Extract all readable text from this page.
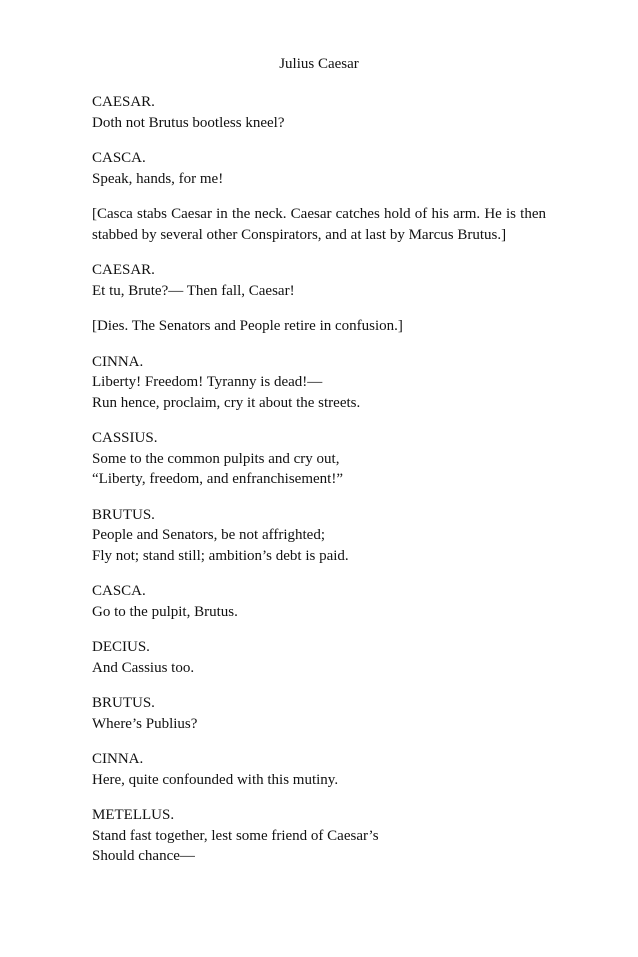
Julius Caesar
CAESAR.
Doth not Brutus bootless kneel?
CASCA.
Speak, hands, for me!
[Casca stabs Caesar in the neck. Caesar catches hold of his arm. He is then stabbed by several other Conspirators, and at last by Marcus Brutus.]
CAESAR.
Et tu, Brute?— Then fall, Caesar!
[Dies. The Senators and People retire in confusion.]
CINNA.
Liberty! Freedom! Tyranny is dead!—
Run hence, proclaim, cry it about the streets.
CASSIUS.
Some to the common pulpits and cry out,
“Liberty, freedom, and enfranchisement!”
BRUTUS.
People and Senators, be not affrighted;
Fly not; stand still; ambition’s debt is paid.
CASCA.
Go to the pulpit, Brutus.
DECIUS.
And Cassius too.
BRUTUS.
Where’s Publius?
CINNA.
Here, quite confounded with this mutiny.
METELLUS.
Stand fast together, lest some friend of Caesar’s
Should chance—
